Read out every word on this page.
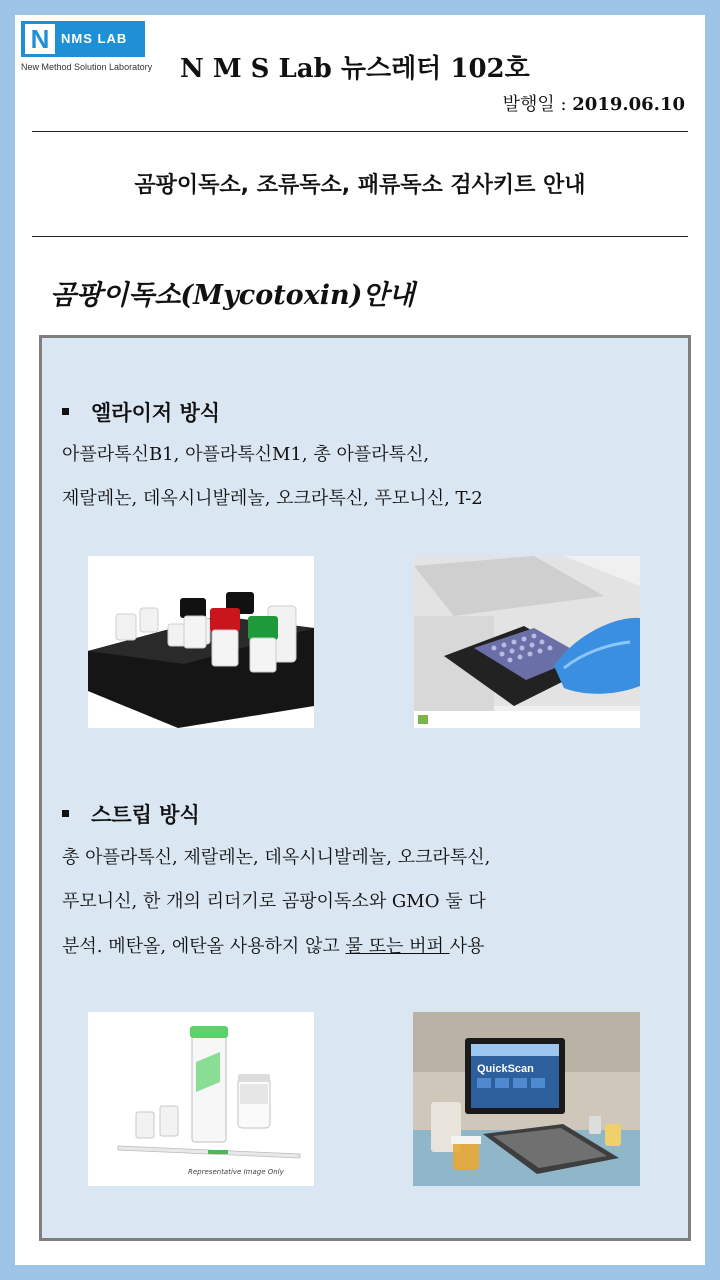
N NMS LAB
New Method Solution Laboratory N M S Lab 뉴스레터 102호
발행일 : 2019.06.10
곰팡이독소, 조류독소, 패류독소 검사키트 안내
곰팡이독소(Mycotoxin)안내
엘라이저 방식
아플라톡신B1, 아플라톡신M1, 총 아플라톡신,
제랄레논, 데옥시니발레놀, 오크라톡신, 푸모니신, T-2
스트립 방식
총 아플라톡신, 제랄레논, 데옥시니발레놀, 오크라톡신,
푸모니신, 한 개의 리더기로 곰팡이독소와 GMO 둘 다
분석. 메탄올, 에탄올 사용하지 않고 물 또는 버퍼 사용
Representative Image Only
QuickScan
